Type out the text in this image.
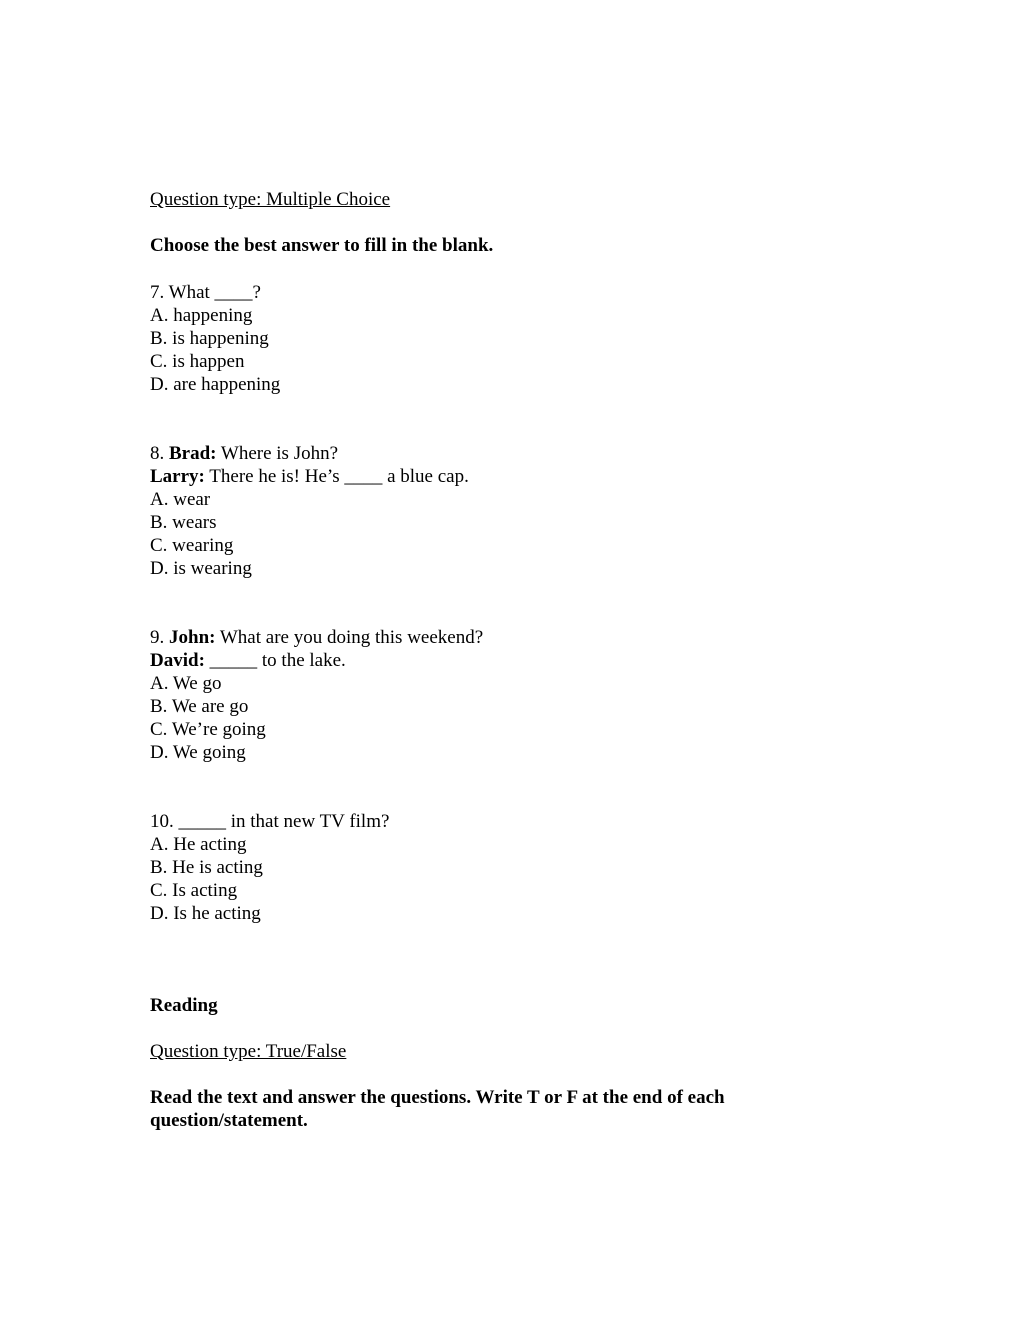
Question type: Multiple Choice
Choose the best answer to fill in the blank.
7. What ____?
A. happening
B. is happening
C. is happen
D. are happening
8. Brad: Where is John?
Larry: There he is! He’s ____ a blue cap.
A. wear
B. wears
C. wearing
D. is wearing
9. John: What are you doing this weekend?
David: _____ to the lake.
A. We go
B. We are go
C. We’re going
D. We going
10. _____ in that new TV film?
A. He acting
B. He is acting
C. Is acting
D. Is he acting
Reading
Question type: True/False
Read the text and answer the questions. Write T or F at the end of each
question/statement.
